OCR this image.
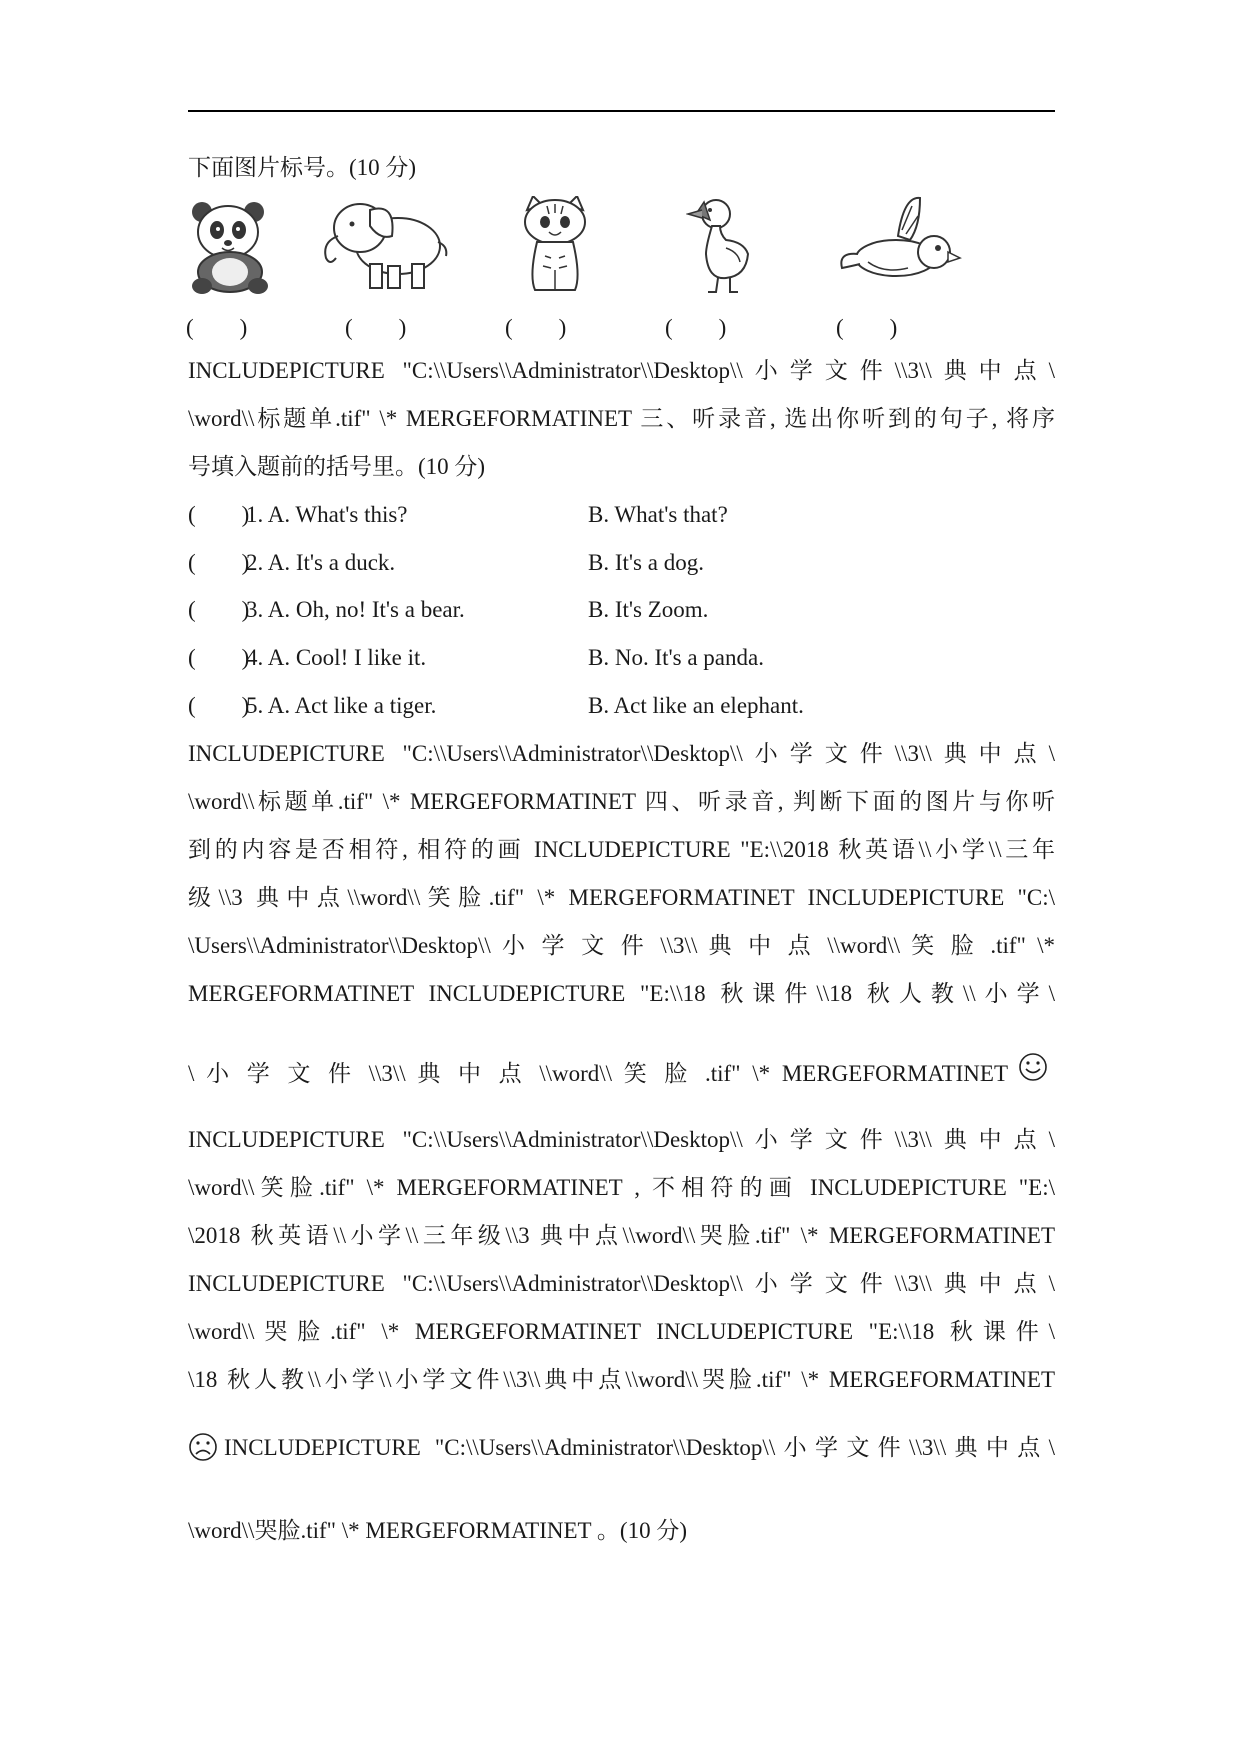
下面图片标号。(10 分)
(　　)	(　　)	(　　)	(　　)	(　　)
INCLUDEPICTURE "C:\\Users\\Administrator\\Desktop\\小学文件\\3\\典中点\
\word\\标题单.tif" \* MERGEFORMATINET 三、听录音, 选出你听到的句子, 将序
号填入题前的括号里。(10 分)
(　　)
1. A. What's this?	B. What's that?
(　　)
2. A. It's a duck.	B. It's a dog.
(　　)
3. A. Oh, no! It's a bear.	B. It's Zoom.
(　　)
4. A. Cool! I like it.	B. No. It's a panda.
(　　)
5. A. Act like a tiger.	B. Act like an elephant.
INCLUDEPICTURE "C:\\Users\\Administrator\\Desktop\\小学文件\\3\\典中点\
\word\\标题单.tif" \* MERGEFORMATINET 四、听录音, 判断下面的图片与你听
到的内容是否相符, 相符的画 INCLUDEPICTURE "E:\\2018 秋英语\\小学\\三年
级\\3 典中点\\word\\笑脸.tif" \* MERGEFORMATINET INCLUDEPICTURE "C:\
\Users\\Administrator\\Desktop\\ 小 学 文 件 \\3\\ 典 中 点 \\word\\ 笑 脸 .tif" \*
MERGEFORMATINET INCLUDEPICTURE "E:\\18 秋课件\\18 秋人教\\小学\
\ 小 学 文 件 \\3\\ 典 中 点 \\word\\ 笑 脸 .tif" \* MERGEFORMATINET
INCLUDEPICTURE "C:\\Users\\Administrator\\Desktop\\小学文件\\3\\典中点\
\word\\笑脸.tif" \* MERGEFORMATINET , 不相符的画 INCLUDEPICTURE "E:\
\2018 秋英语\\小学\\三年级\\3 典中点\\word\\哭脸.tif" \* MERGEFORMATINET
INCLUDEPICTURE "C:\\Users\\Administrator\\Desktop\\小学文件\\3\\典中点\
\word\\哭脸.tif" \* MERGEFORMATINET INCLUDEPICTURE "E:\\18 秋课件\
\18 秋人教\\小学\\小学文件\\3\\典中点\\word\\哭脸.tif" \* MERGEFORMATINET
INCLUDEPICTURE "C:\\Users\\Administrator\\Desktop\\小学文件\\3\\典中点\
\word\\哭脸.tif" \* MERGEFORMATINET 。(10 分)
